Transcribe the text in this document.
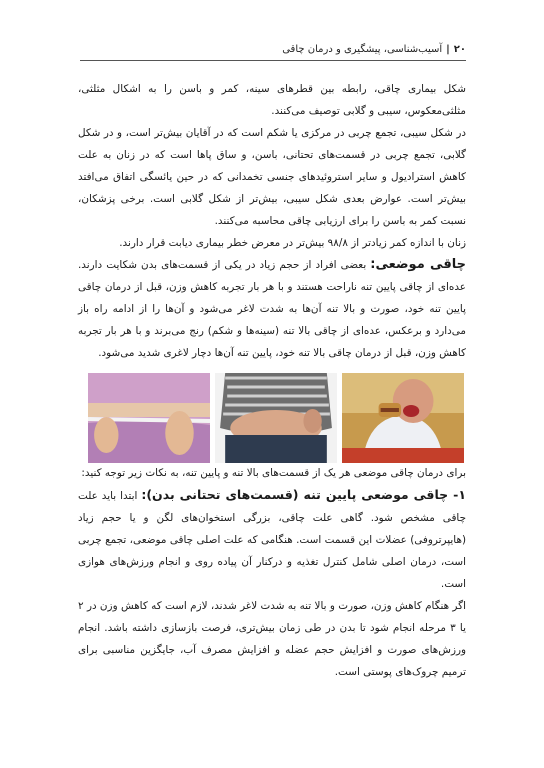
۲۰
|
آسیب‌شناسی، پیشگیری و درمان چاقی

شکل بیماری چاقی، رابطه بین قطرهای سینه، کمر و باسن را به اشکال مثلثی، مثلثی‌معکوس، سیبی و گلابی توصیف می‌کنند.

در شکل سیبی، تجمع چربی در مرکزی یا شکم است که در آقایان بیش‌تر است، و در شکل گلابی، تجمع چربی در قسمت‌های تحتانی، باسن، و ساق پاها است که در زنان به علت کاهش استرادیول و سایر استروئیدهای جنسی تخمدانی که در حین یائسگی اتفاق می‌افتد بیش‌تر است. عوارض بعدی شکل سیبی، بیش‌تر از شکل گلابی است. برخی پزشکان، نسبت کمر به باسن را برای ارزیابی چاقی محاسبه می‌کنند.

زنان با اندازه کمر زیادتر از ۹۸/۸ بیش‌تر در معرض خطر بیماری دیابت قرار دارند.

چاقی موضعی: بعضی افراد از حجم زیاد در یکی از قسمت‌های بدن شکایت دارند. عده‌ای از چاقی پایین تنه ناراحت هستند و با هر بار تجربه کاهش وزن، قبل از درمان چاقی پایین تنه خود، صورت و بالا تنه آن‌ها به شدت لاغر می‌شود و آن‌ها را از ادامه راه باز می‌دارد و برعکس، عده‌ای از چاقی بالا تنه (سینه‌ها و شکم) رنج می‌برند و با هر بار تجربه کاهش وزن، قبل از درمان چاقی بالا تنه خود، پایین تنه آن‌ها دچار لاغری شدید می‌شود.

برای درمان چاقی موضعی هر یک از قسمت‌های بالا تنه و پایین تنه، به نکات زیر توجه کنید:

۱- چاقی موضعی پایین تنه (قسمت‌های تحتانی بدن): ابتدا باید علت چاقی مشخص شود. گاهی علت چاقی، بزرگی استخوان‌های لگن و یا حجم زیاد (هایپرتروفی) عضلات این قسمت است. هنگامی که علت اصلی چاقی موضعی، تجمع چربی است، درمان اصلی شامل کنترل تغذیه و درکنار آن پیاده روی و انجام ورزش‌های هوازی است.

اگر هنگام کاهش وزن، صورت و بالا تنه به شدت لاغر شدند، لازم است که کاهش وزن در ۲ یا ۳ مرحله انجام شود تا بدن در طی زمان بیش‌تری، فرصت بازسازی داشته باشد. انجام ورزش‌های صورت و افزایش حجم عضله و افزایش مصرف آب، جایگزین مناسبی برای ترمیم چروک‌های پوستی است.
